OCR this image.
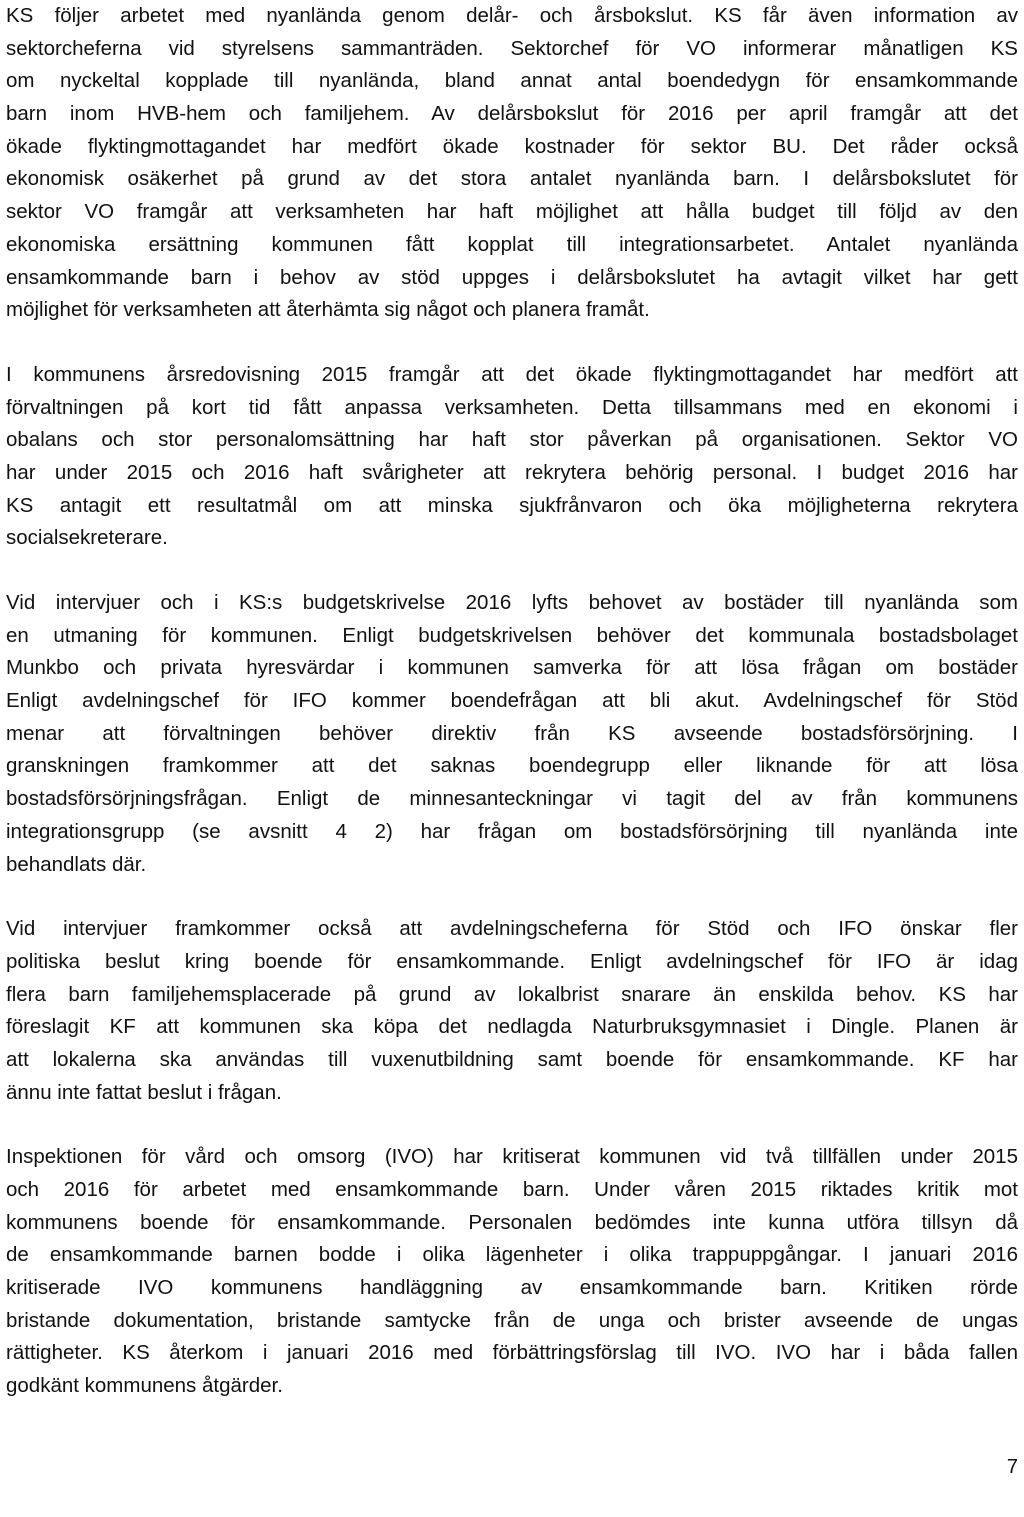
KS följer arbetet med nyanlända genom delår- och årsbokslut. KS får även information av
sektorcheferna vid styrelsens sammanträden. Sektorchef för VO informerar månatligen KS
om nyckeltal kopplade till nyanlända, bland annat antal boendedygn för ensamkommande
barn inom HVB-hem och familjehem. Av delårsbokslut för 2016 per april framgår att det
ökade flyktingmottagandet har medfört ökade kostnader för sektor BU. Det råder också
ekonomisk osäkerhet på grund av det stora antalet nyanlända barn. I delårsbokslutet för
sektor VO framgår att verksamheten har haft möjlighet att hålla budget till följd av den
ekonomiska ersättning kommunen fått kopplat till integrationsarbetet. Antalet nyanlända
ensamkommande barn i behov av stöd uppges i delårsbokslutet ha avtagit vilket har gett
möjlighet för verksamheten att återhämta sig något och planera framåt.
I kommunens årsredovisning 2015 framgår att det ökade flyktingmottagandet har medfört att
förvaltningen på kort tid fått anpassa verksamheten. Detta tillsammans med en ekonomi i
obalans och stor personalomsättning har haft stor påverkan på organisationen. Sektor VO
har under 2015 och 2016 haft svårigheter att rekrytera behörig personal. I budget 2016 har
KS antagit ett resultatmål om att minska sjukfrånvaron och öka möjligheterna rekrytera
socialsekreterare.
Vid intervjuer och i KS:s budgetskrivelse 2016 lyfts behovet av bostäder till nyanlända som
en utmaning för kommunen. Enligt budgetskrivelsen behöver det kommunala bostadsbolaget
Munkbo och privata hyresvärdar i kommunen samverka för att lösa frågan om bostäder
Enligt avdelningschef för IFO kommer boendefrågan att bli akut. Avdelningschef för Stöd
menar att förvaltningen behöver direktiv från KS avseende bostadsförsörjning. I
granskningen framkommer att det saknas boendegrupp eller liknande för att lösa
bostadsförsörjningsfrågan. Enligt de minnesanteckningar vi tagit del av från kommunens
integrationsgrupp (se avsnitt 4 2) har frågan om bostadsförsörjning till nyanlända inte
behandlats där.
Vid intervjuer framkommer också att avdelningscheferna för Stöd och IFO önskar fler
politiska beslut kring boende för ensamkommande. Enligt avdelningschef för IFO är idag
flera barn familjehemsplacerade på grund av lokalbrist snarare än enskilda behov. KS har
föreslagit KF att kommunen ska köpa det nedlagda Naturbruksgymnasiet i Dingle. Planen är
att lokalerna ska användas till vuxenutbildning samt boende för ensamkommande. KF har
ännu inte fattat beslut i frågan.
Inspektionen för vård och omsorg (IVO) har kritiserat kommunen vid två tillfällen under 2015
och 2016 för arbetet med ensamkommande barn. Under våren 2015 riktades kritik mot
kommunens boende för ensamkommande. Personalen bedömdes inte kunna utföra tillsyn då
de ensamkommande barnen bodde i olika lägenheter i olika trappuppgångar. I januari 2016
kritiserade IVO kommunens handläggning av ensamkommande barn. Kritiken rörde
bristande dokumentation, bristande samtycke från de unga och brister avseende de ungas
rättigheter. KS återkom i januari 2016 med förbättringsförslag till IVO. IVO har i båda fallen
godkänt kommunens åtgärder.
7
